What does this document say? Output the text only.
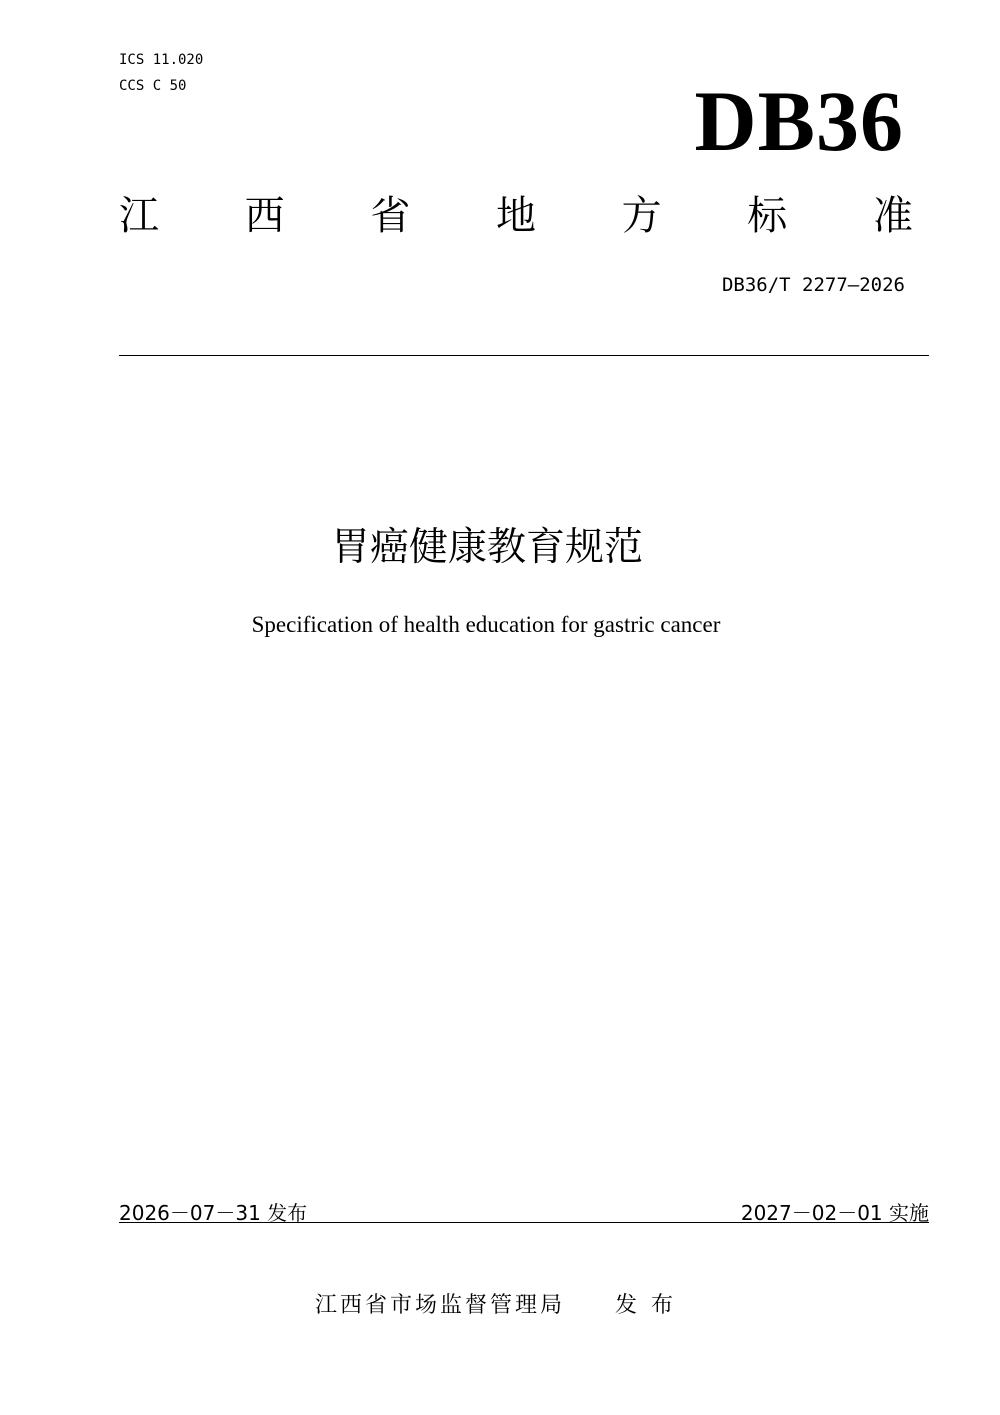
ICS 11.020
CCS C 50	DB36
江 西 省 地 方 标 准
DB36/T 2277—2026
胃癌健康教育规范
Specification of health education for gastric cancer
2026－07－31 发布	2027－02－01 实施
江西省市场监督管理局 发布
